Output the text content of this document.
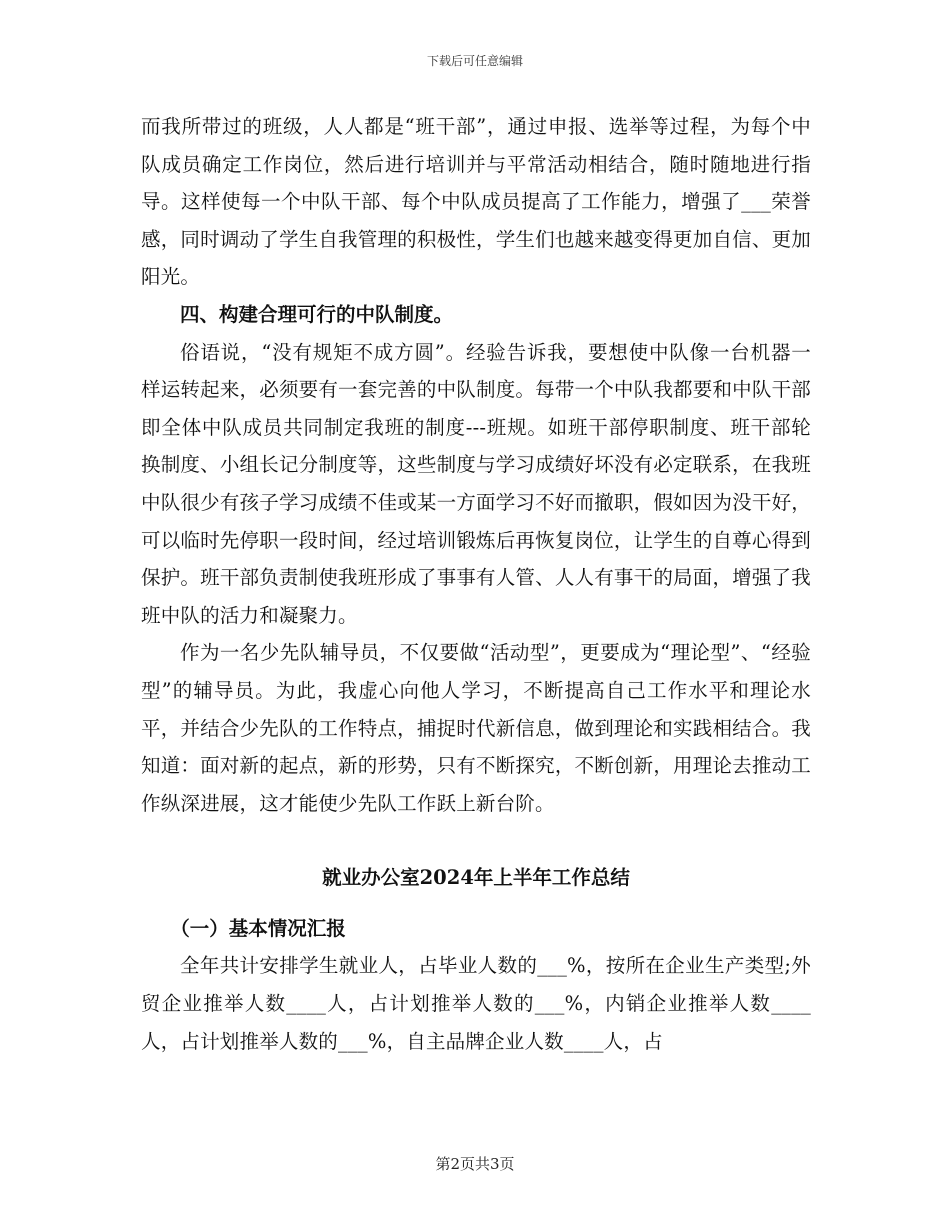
下载后可任意编辑

而我所带过的班级，人人都是“班干部”，通过申报、选举等过程，为每个中队成员确定工作岗位，然后进行培训并与平常活动相结合，随时随地进行指导。这样使每一个中队干部、每个中队成员提高了工作能力，增强了___荣誉感，同时调动了学生自我管理的积极性，学生们也越来越变得更加自信、更加阳光。

四、构建合理可行的中队制度。

俗语说，“没有规矩不成方圆”。经验告诉我，要想使中队像一台机器一样运转起来，必须要有一套完善的中队制度。每带一个中队我都要和中队干部即全体中队成员共同制定我班的制度---班规。如班干部停职制度、班干部轮换制度、小组长记分制度等，这些制度与学习成绩好坏没有必定联系，在我班中队很少有孩子学习成绩不佳或某一方面学习不好而撤职，假如因为没干好，可以临时先停职一段时间，经过培训锻炼后再恢复岗位，让学生的自尊心得到保护。班干部负责制使我班形成了事事有人管、人人有事干的局面，增强了我班中队的活力和凝聚力。

作为一名少先队辅导员，不仅要做“活动型”，更要成为“理论型”、“经验型”的辅导员。为此，我虚心向他人学习，不断提高自己工作水平和理论水平，并结合少先队的工作特点，捕捉时代新信息，做到理论和实践相结合。我知道：面对新的起点，新的形势，只有不断探究，不断创新，用理论去推动工作纵深进展，这才能使少先队工作跃上新台阶。

就业办公室2024年上半年工作总结

（一）基本情况汇报

全年共计安排学生就业人，占毕业人数的___%，按所在企业生产类型;外贸企业推举人数____人，占计划推举人数的___%，内销企业推举人数____人，占计划推举人数的___%，自主品牌企业人数____人，占

第2页共3页
